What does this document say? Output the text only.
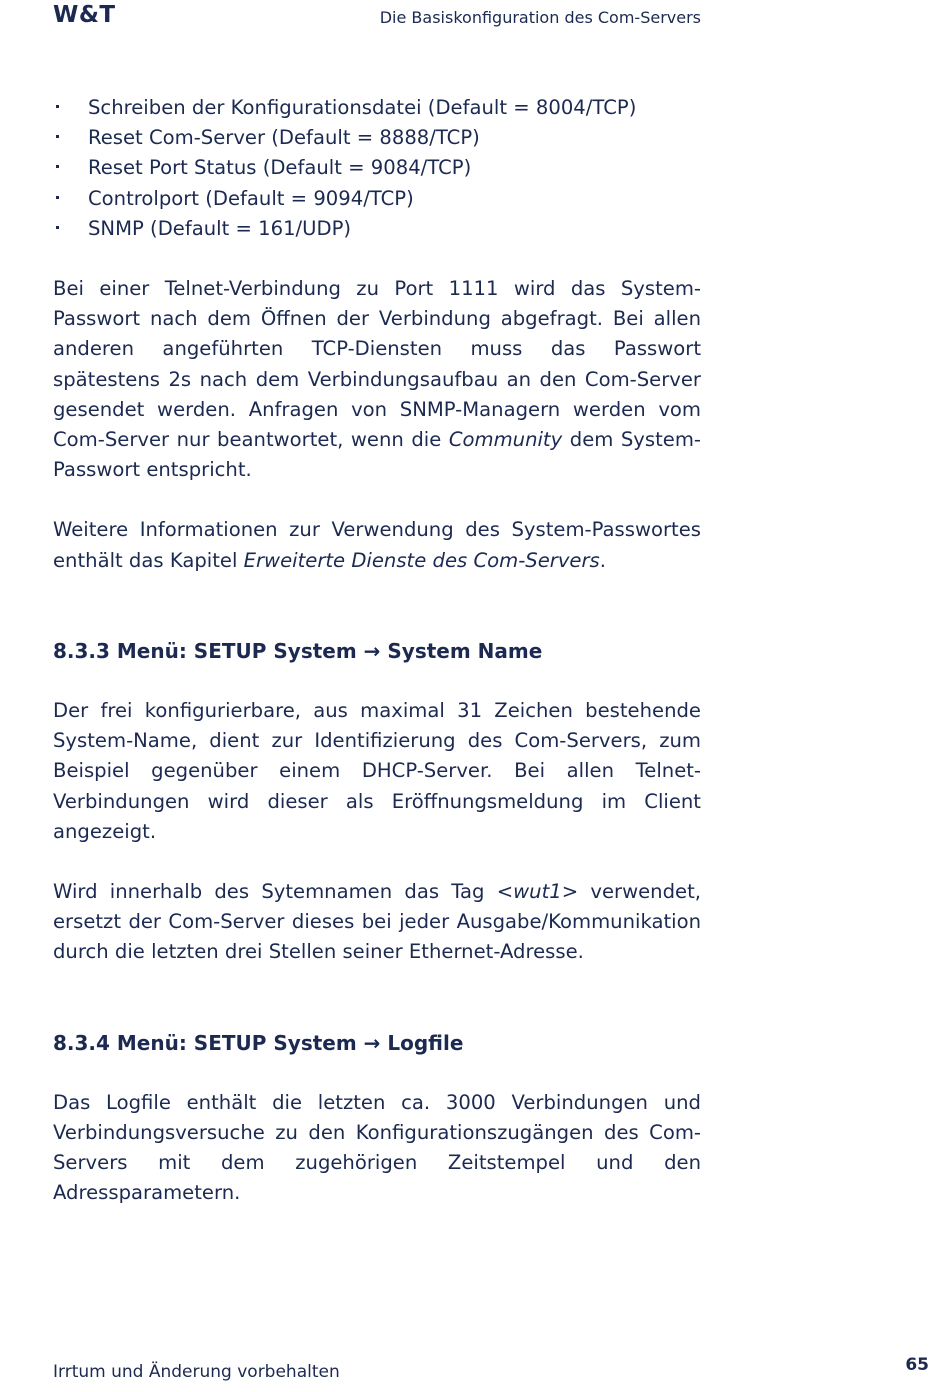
W&T	Die Basiskonfiguration des Com-Servers
Schreiben der Konfigurationsdatei (Default = 8004/TCP)
Reset Com-Server (Default = 8888/TCP)
Reset Port Status (Default = 9084/TCP)
Controlport (Default = 9094/TCP)
SNMP (Default = 161/UDP)

Bei einer Telnet-Verbindung zu Port 1111 wird das System-Passwort nach dem Öffnen der Verbindung abgefragt. Bei allen anderen angeführten TCP-Diensten muss das Passwort spätestens 2s nach dem Verbindungsaufbau an den Com-Server gesendet werden. Anfragen von SNMP-Managern werden vom Com-Server nur beantwortet, wenn die Community dem System-Passwort entspricht.

Weitere Informationen zur Verwendung des System-Passwortes enthält das Kapitel Erweiterte Dienste des Com-Servers.

8.3.3 Menü: SETUP System → System Name

Der frei konfigurierbare, aus maximal 31 Zeichen bestehende System-Name, dient zur Identifizierung des Com-Servers, zum Beispiel gegenüber einem DHCP-Server. Bei allen Telnet-Verbindungen wird dieser als Eröffnungsmeldung im Client angezeigt.

Wird innerhalb des Sytemnamen das Tag <wut1> verwendet, ersetzt der Com-Server dieses bei jeder Ausgabe/Kommunikation durch die letzten drei Stellen seiner Ethernet-Adresse.

8.3.4 Menü: SETUP System → Logfile

Das Logfile enthält die letzten ca. 3000 Verbindungen und Verbindungsversuche zu den Konfigurationszugängen des Com-Servers mit dem zugehörigen Zeitstempel und den Adressparametern.

Irrtum und Änderung vorbehalten	65
